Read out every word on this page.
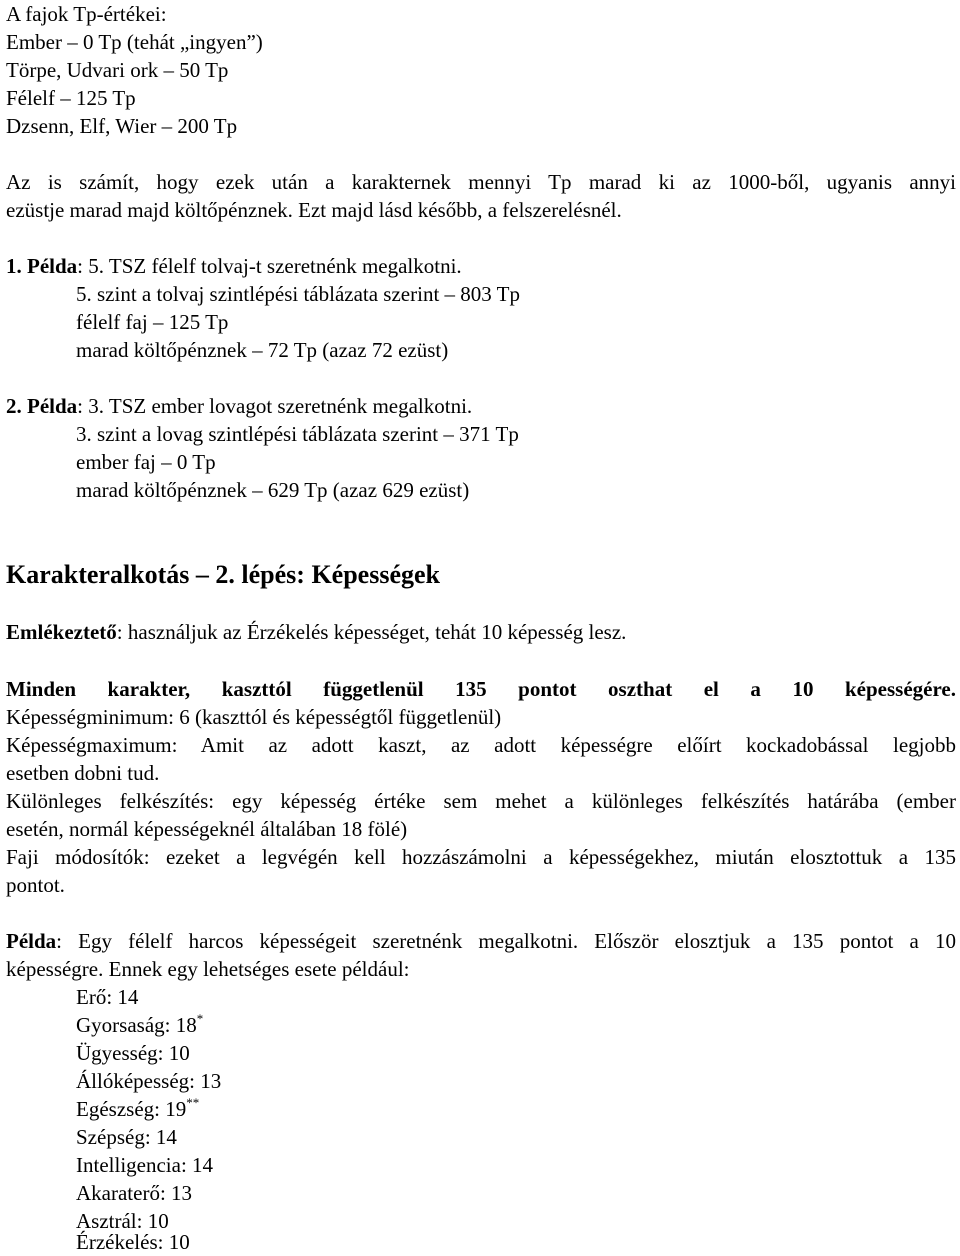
A fajok Tp-értékei:
Ember – 0 Tp (tehát „ingyen”)
Törpe, Udvari ork – 50 Tp
Félelf – 125 Tp
Dzsenn, Elf, Wier – 200 Tp
Az is számít, hogy ezek után a karakternek mennyi Tp marad ki az 1000-ből, ugyanis annyi
ezüstje marad majd költőpénznek. Ezt majd lásd később, a felszerelésnél.
1. Példa: 5. TSZ félelf tolvaj-t szeretnénk megalkotni.
5. szint a tolvaj szintlépési táblázata szerint – 803 Tp
félelf faj – 125 Tp
marad költőpénznek – 72 Tp (azaz 72 ezüst)
2. Példa: 3. TSZ ember lovagot szeretnénk megalkotni.
3. szint a lovag szintlépési táblázata szerint – 371 Tp
ember faj – 0 Tp
marad költőpénznek – 629 Tp (azaz 629 ezüst)
Karakteralkotás – 2. lépés: Képességek
Emlékeztető: használjuk az Érzékelés képességet, tehát 10 képesség lesz.
Minden karakter, kaszttól függetlenül 135 pontot oszthat el a 10 képességére.
Képességminimum: 6 (kaszttól és képességtől függetlenül)
Képességmaximum: Amit az adott kaszt, az adott képességre előírt kockadobással legjobb
esetben dobni tud.
Különleges felkészítés: egy képesség értéke sem mehet a különleges felkészítés határába (ember
esetén, normál képességeknél általában 18 fölé)
Faji módosítók: ezeket a legvégén kell hozzászámolni a képességekhez, miután elosztottuk a 135
pontot.
Példa: Egy félelf harcos képességeit szeretnénk megalkotni. Először elosztjuk a 135 pontot a 10
képességre. Ennek egy lehetséges esete például:
Erő: 14
Gyorsaság: 18*
Ügyesség: 10
Állóképesség: 13
Egészség: 19**
Szépség: 14
Intelligencia: 14
Akaraterő: 13
Asztrál: 10
Érzékelés: 10
